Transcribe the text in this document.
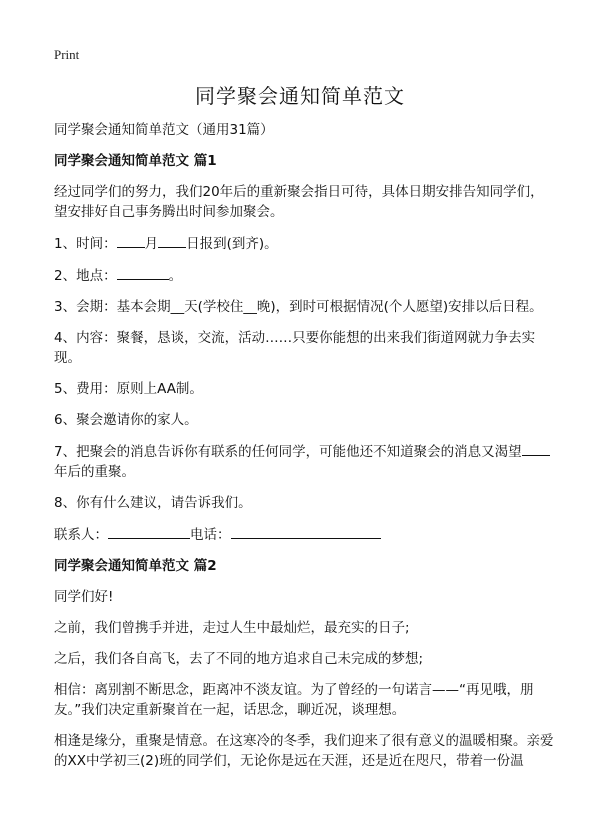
Print
同学聚会通知简单范文

同学聚会通知简单范文（通用31篇）

同学聚会通知简单范文 篇1

经过同学们的努力，我们20年后的重新聚会指日可待，具体日期安排告知同学们，望安排好自己事务腾出时间参加聚会。

1、时间： 月 日报到(到齐)。

2、地点：	。

3、会期：基本会期__天(学校住__晚)，到时可根据情况(个人愿望)安排以后日程。

4、内容：聚餐，恳谈，交流，活动……只要你能想的出来我们街道网就力争去实现。

5、费用：原则上AA制。

6、聚会邀请你的家人。

7、把聚会的消息告诉你有联系的任何同学，可能他还不知道聚会的消息又渴望年后的重聚。

8、你有什么建议，请告诉我们。

联系人：	电话：

同学聚会通知简单范文 篇2

同学们好!

之前，我们曾携手并进，走过人生中最灿烂，最充实的日子;

之后，我们各自高飞，去了不同的地方追求自己未完成的梦想;

相信：离别割不断思念，距离冲不淡友谊。为了曾经的一句诺言——“再见哦，朋友。”我们决定重新聚首在一起，话思念，聊近况，谈理想。

相逢是缘分，重聚是情意。在这寒冷的冬季，我们迎来了很有意义的温暖相聚。亲爱的XX中学初三(2)班的同学们，无论你是远在天涯，还是近在咫尺，带着一份温
